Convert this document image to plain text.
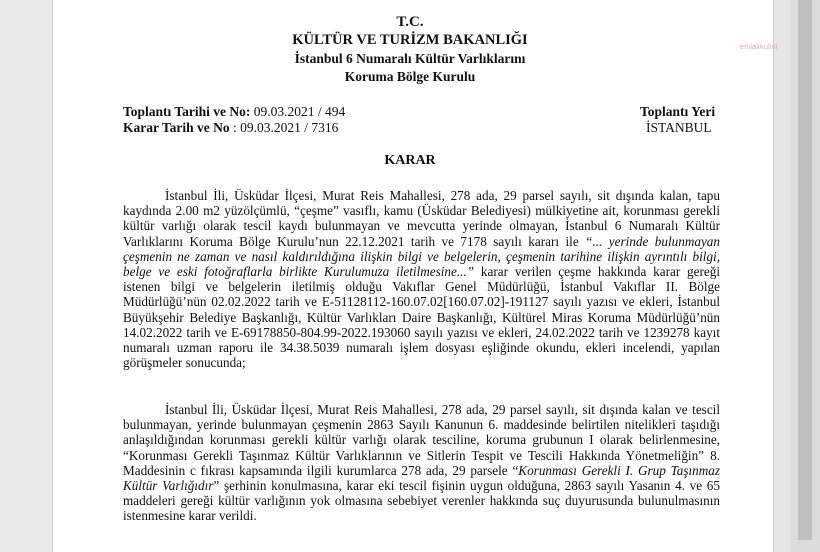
emlakkulisi
T.C.
KÜLTÜR VE TURİZM BAKANLIĞI
İstanbul 6 Numaralı Kültür Varlıklarını
Koruma Bölge Kurulu
Toplantı Tarihi ve No: 09.03.2021 / 494
Karar Tarih ve No : 09.03.2021 / 7316
Toplantı Yeri
İSTANBUL
KARAR
İstanbul İli, Üsküdar İlçesi, Murat Reis Mahallesi, 278 ada, 29 parsel sayılı, sit dışında kalan, tapu
kaydında 2.00 m2 yüzölçümlü, “çeşme” vasıflı, kamu (Üsküdar Belediyesi) mülkiyetine ait, korunması gerekli
kültür varlığı olarak tescil kaydı bulunmayan ve mevcutta yerinde olmayan, İstanbul 6 Numaralı Kültür
Varlıklarını Koruma Bölge Kurulu’nun 22.12.2021 tarih ve 7178 sayılı kararı ile “... yerinde bulunmayan
çeşmenin ne zaman ve nasıl kaldırıldığına ilişkin bilgi ve belgelerin, çeşmenin tarihine ilişkin ayrıntılı bilgi,
belge ve eski fotoğraflarla birlikte Kurulumuza iletilmesine...” karar verilen çeşme hakkında karar gereği
istenen bilgi ve belgelerin iletilmiş olduğu Vakıflar Genel Müdürlüğü, İstanbul Vakıflar II. Bölge
Müdürlüğü’nün 02.02.2022 tarih ve E-51128112-160.07.02[160.07.02]-191127 sayılı yazısı ve ekleri, İstanbul
Büyükşehir Belediye Başkanlığı, Kültür Varlıkları Daire Başkanlığı, Kültürel Miras Koruma Müdürlüğü’nün
14.02.2022 tarih ve E-69178850-804.99-2022.193060 sayılı yazısı ve ekleri, 24.02.2022 tarih ve 1239278 kayıt
numaralı uzman raporu ile 34.38.5039 numaralı işlem dosyası eşliğinde okundu, ekleri incelendi, yapılan
görüşmeler sonucunda;
İstanbul İli, Üsküdar İlçesi, Murat Reis Mahallesi, 278 ada, 29 parsel sayılı, sit dışında kalan ve tescil
bulunmayan, yerinde bulunmayan çeşmenin 2863 Sayılı Kanunun 6. maddesinde belirtilen nitelikleri taşıdığı
anlaşıldığından korunması gerekli kültür varlığı olarak tesciline, koruma grubunun I olarak belirlenmesine,
“Korunması Gerekli Taşınmaz Kültür Varlıklarının ve Sitlerin Tespit ve Tescili Hakkında Yönetmeliğin” 8.
Maddesinin c fıkrası kapsamında ilgili kurumlarca 278 ada, 29 parsele “Korunması Gerekli I. Grup Taşınmaz
Kültür Varlığıdır” şerhinin konulmasına, karar eki tescil fişinin uygun olduğuna, 2863 sayılı Yasanın 4. ve 65
maddeleri gereği kültür varlığının yok olmasına sebebiyet verenler hakkında suç duyurusunda bulunulmasının
istenmesine karar verildi.
